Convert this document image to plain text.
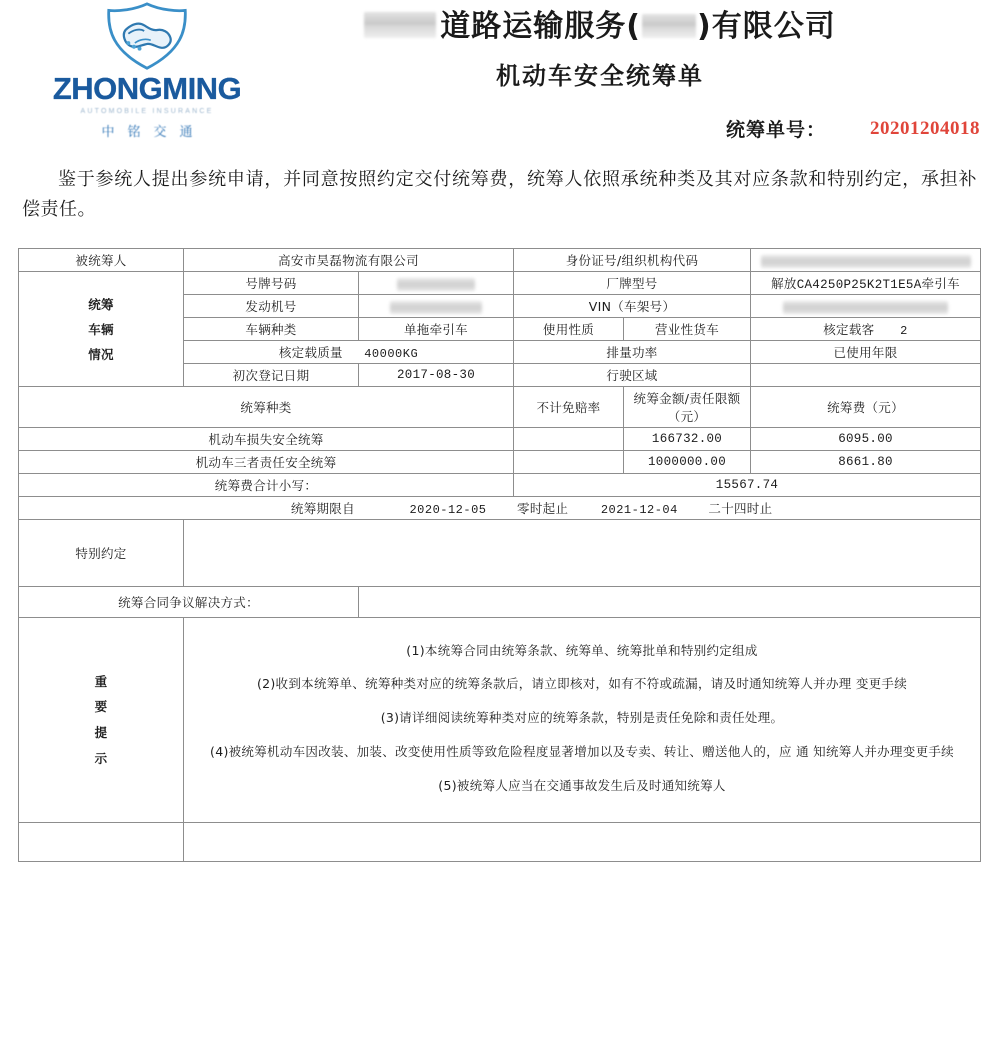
ZHONGMING
AUTOMOBILE INSURANCE
中铭交通
道路运输服务( )有限公司
机动车安全统筹单
统筹单号： 20201204018

鉴于参统人提出参统申请，并同意按照约定交付统筹费，统筹人依照承统种类及其对应条款和特别约定，承担补偿责任。

被统筹人	高安市昊磊物流有限公司		身份证号/组织机构代码		
统筹
车辆
情况	号牌号码		厂牌型号		解放CA4250P25K2T1E5A牵引车
	发动机号		VIN（车架号）		
	车辆种类	单拖牵引车	使用性质	营业性货车	核定载客 2
	核定载质量 40000KG		排量功率		已使用年限
	初次登记日期	2017-08-30	行驶区域		
统筹种类			不计免赔率	统筹金额/责任限额（元）	统筹费（元）
机动车损失安全统筹				166732.00	6095.00
机动车三者责任安全统筹				1000000.00	8661.80
统筹费合计小写：			15567.74		
统筹期限自 2020-12-05 零时起止 2021-12-04 二十四时止					
特别约定					
统筹合同争议解决方式：					
重
要
提
示	
(1)本统筹合同由统筹条款、统筹单、统筹批单和特别约定组成
(2)收到本统筹单、统筹种类对应的统筹条款后，请立即核对，如有不符或疏漏，请及时通知统筹人并办理 变更手续
(3)请详细阅读统筹种类对应的统筹条款，特别是责任免除和责任处理。
(4)被统筹机动车因改装、加装、改变使用性质等致危险程度显著增加以及专卖、转让、赠送他人的，应 通 知统筹人并办理变更手续
(5)被统筹人应当在交通事故发生后及时通知统筹人
